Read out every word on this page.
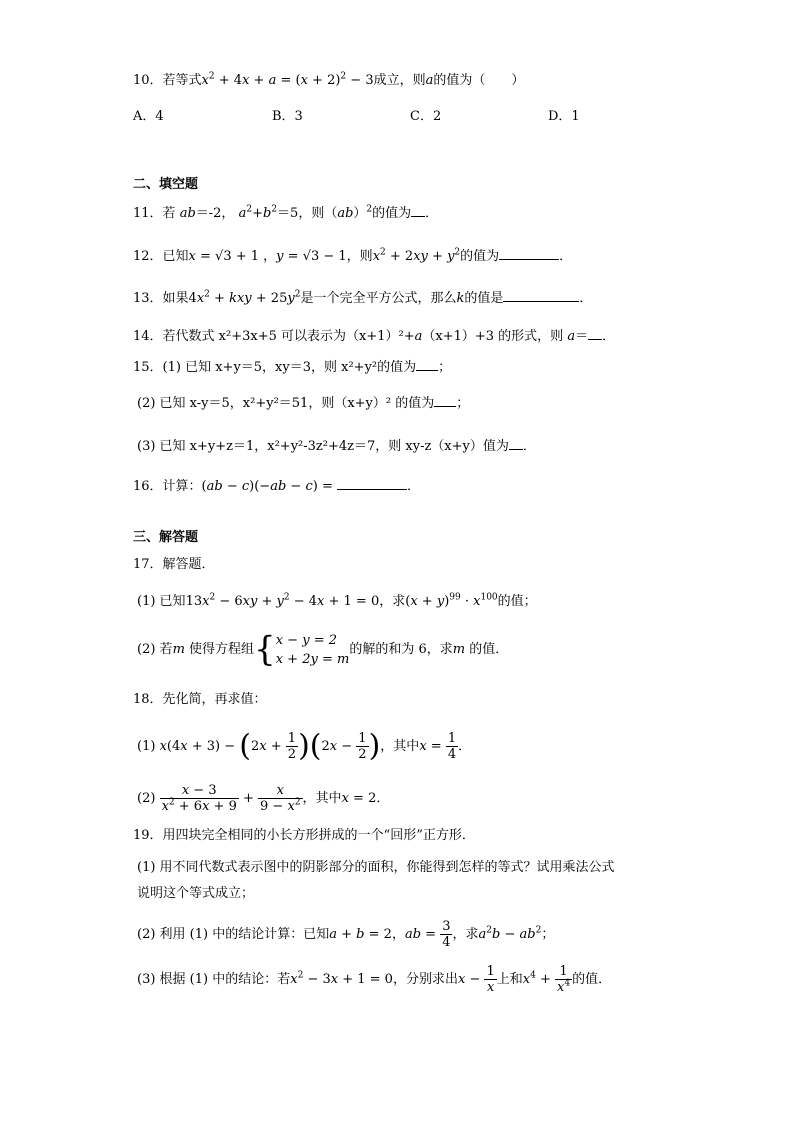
10．若等式$x^2 + 4x + a = (x + 2)^2 - 3$成立，则a的值为（　　）
A．4	B．3	C．2	D．1
二、填空题
11．若 ab＝-2， $a^2+b^2=5$，则（ab）$^2$的值为 ．
12．已知x = √3 + 1 ，y = √3 − 1，则$x^2 + 2xy + y^2$的值为	．
13．如果$4x^2$ + kxy + $25y^2$是一个完全平方公式，那么k的值是	．
14．若代数式 x²+3x+5 可以表示为（x+1）²+a（x+1）+3 的形式，则 a＝ ．
15．(1) 已知 x+y＝5，xy＝3，则 x²+y²的值为 ；
(2) 已知 x-y＝5，x²+y²＝51，则（x+y）² 的值为 ；
(3) 已知 x+y+z＝1，x²+y²-3z²+4z＝7，则 xy-z（x+y）值为 ．
16．计算：(ab − c)(−ab − c) =	．
三、解答题
17．解答题．
(1) 已知$13x^2 - 6xy + y^2 - 4x + 1 = 0$，求$(x + y)^{99} \cdot x^{100}$的值；
(2) 若m 使得方程组{ x − y = 2
x + 2y = m
的解的和为 6，求m 的值．
18．先化简，再求值：
(1) $x(4x + 3) - (2x + \frac{1}{2} )(2x - \frac{1}{2}$ )，其中$x = \frac{1}{4}$ ．
$(2) \frac{x - 3}{x^2 + 6x + 9} + \frac{x}{9 - x^2}$ ，其中x = 2．
19．用四块完全相同的小长方形拼成的一个“回形”正方形．
(1) 用不同代数式表示图中的阴影部分的面积，你能得到怎样的等式？试用乘法公式
说明这个等式成立；
(2) 利用 (1) 中的结论计算：已知a + b = 2，ab = $\frac{3}{4}$ ，求$a^2b - ab^2$；
(3) 根据 (1) 中的结论：若$x^2 - 3x + 1 = 0$，分别求出$x - \frac{1}{x}$ 上和$x^4 + \frac{1}{x^4}$ 的值．
